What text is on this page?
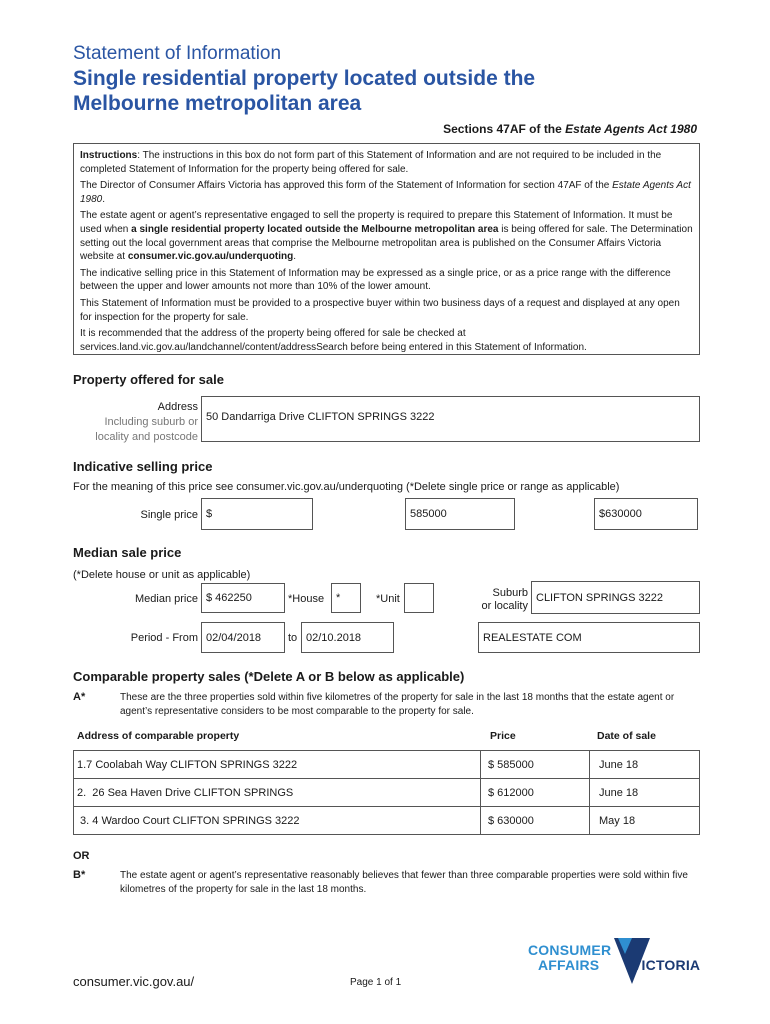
Statement of Information
Single residential property located outside the
Melbourne metropolitan area
Sections 47AF of the Estate Agents Act 1980

Instructions: The instructions in this box do not form part of this Statement of Information and are not required to be included in the completed Statement of Information for the property being offered for sale.

The Director of Consumer Affairs Victoria has approved this form of the Statement of Information for section 47AF of the Estate Agents Act 1980.

The estate agent or agent’s representative engaged to sell the property is required to prepare this Statement of Information. It must be used when a single residential property located outside the Melbourne metropolitan area is being offered for sale. The Determination setting out the local government areas that comprise the Melbourne metropolitan area is published on the Consumer Affairs Victoria website at consumer.vic.gov.au/underquoting.

The indicative selling price in this Statement of Information may be expressed as a single price, or as a price range with the difference between the upper and lower amounts not more than 10% of the lower amount.

This Statement of Information must be provided to a prospective buyer within two business days of a request and displayed at any open for inspection for the property for sale.

It is recommended that the address of the property being offered for sale be checked at services.land.vic.gov.au/landchannel/content/addressSearch before being entered in this Statement of Information.

Property offered for sale
Address
Including suburb or
locality and postcode
50 Dandarriga Drive CLIFTON SPRINGS 3222
Indicative selling price
For the meaning of this price see consumer.vic.gov.au/underquoting (*Delete single price or range as applicable)
Single price $	585000	$630000
Median sale price
(*Delete house or unit as applicable)
Median price $ 462250	*House	*	*Unit	Suburb
or locality
CLIFTON SPRINGS 3222
Period - From 02/04/2018	to 02/10.2018	REALESTATE COM
Comparable property sales (*Delete A or B below as applicable)
A*	These are the three properties sold within five kilometres of the property for sale in the last 18 months that the estate agent or agent’s representative considers to be most comparable to the property for sale.
Address of comparable property	Price	Date of sale
1.7 Coolabah Way CLIFTON SPRINGS 3222	$ 585000	June 18
2.  26 Sea Haven Drive CLIFTON SPRINGS	$ 612000	June 18
3. 4 Wardoo Court CLIFTON SPRINGS 3222	$ 630000	May 18
OR
B*	The estate agent or agent’s representative reasonably believes that fewer than three comparable properties were sold within five kilometres of the property for sale in the last 18 months.
consumer.vic.gov.au/	Page 1 of 1
CONSUMER
AFFAIRS VICTORIA
